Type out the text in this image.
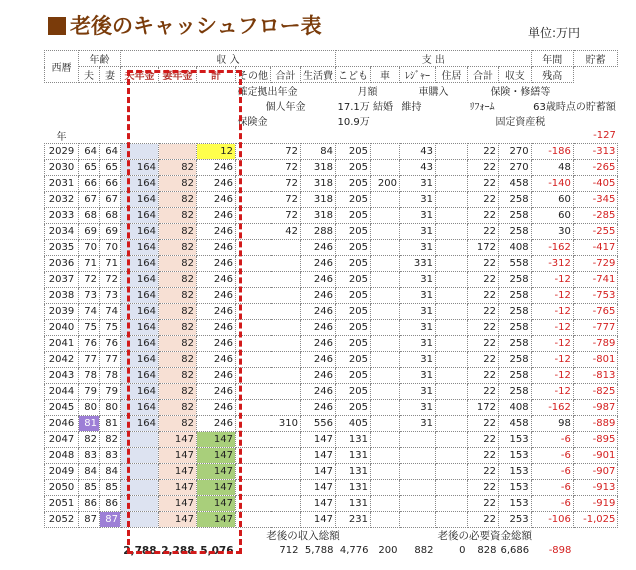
老後のキャッシュフロー表	単位:万円
西暦	年齢		収 入						支 出						年間	貯蓄
	夫	妻	夫年金	妻年金	計	その他	合計	生活費	こども	車	ﾚｼﾞｬｰ	住居	合計	収支	残高	
						確定拠出年金			月額		車購入		保険・修繕等			
						個人年金			17.1万 結婚		維持		ﾘﾌｫｰﾑ		63歳時点の貯蓄額	
						保険金			10.9万				固定資産税			
年																-127
2029	64	64			12	72		84	205		43		22	270	-186	-313
2030	65	65	164	82	246	72		318	205		43		22	270	48	-265
2031	66	66	164	82	246	72		318	205	200	31		22	458	-140	-405
2032	67	67	164	82	246	72		318	205		31		22	258	60	-345
2033	68	68	164	82	246	72		318	205		31		22	258	60	-285
2034	69	69	164	82	246	42		288	205		31		22	258	30	-255
2035	70	70	164	82	246			246	205		31		172	408	-162	-417
2036	71	71	164	82	246			246	205		331		22	558	-312	-729
2037	72	72	164	82	246			246	205		31		22	258	-12	-741
2038	73	73	164	82	246			246	205		31		22	258	-12	-753
2039	74	74	164	82	246			246	205		31		22	258	-12	-765
2040	75	75	164	82	246			246	205		31		22	258	-12	-777
2041	76	76	164	82	246			246	205		31		22	258	-12	-789
2042	77	77	164	82	246			246	205		31		22	258	-12	-801
2043	78	78	164	82	246			246	205		31		22	258	-12	-813
2044	79	79	164	82	246			246	205		31		22	258	-12	-825
2045	80	80	164	82	246			246	205		31		172	408	-162	-987
2046	81	81	164	82	246	310		556	405		31		22	458	98	-889
2047	82	82		147	147			147	131				22	153	-6	-895
2048	83	83		147	147			147	131				22	153	-6	-901
2049	84	84		147	147			147	131				22	153	-6	-907
2050	85	85		147	147			147	131				22	153	-6	-913
2051	86	86		147	147			147	131				22	153	-6	-919
2052	87	87		147	147			147	231				22	253	-106	-1,025
						老後の収入総額						老後の必要資金総額				
			2,788	2,288	5,076		712	5,788	4,776	200	882	0	828	6,686	-898	
